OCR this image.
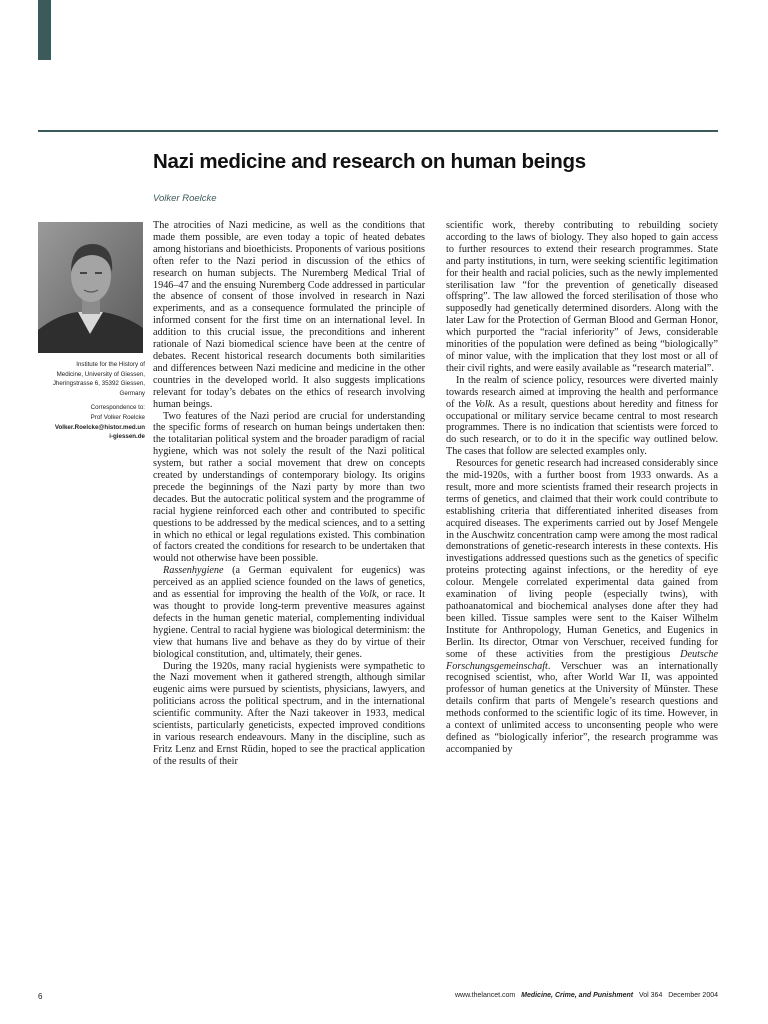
Nazi medicine and research on human beings
Volker Roelcke

Institute for the History of

Medicine, University of Giessen,

Jheringstrasse 6, 35392 Giessen,

Germany

Correspondence to:

Prof Volker Roelcke

Volker.Roelcke@histor.med.un

i-giessen.de

The atrocities of Nazi medicine, as well as the conditions that made them possible, are even today a topic of heated debates among historians and bioethicists. Proponents of various positions often refer to the Nazi period in discussion of the ethics of research on human subjects. The Nuremberg Medical Trial of 1946–47 and the ensuing Nuremberg Code addressed in particular the absence of consent of those involved in research in Nazi experiments, and as a consequence formulated the principle of informed consent for the first time on an international level. In addition to this crucial issue, the preconditions and inherent rationale of Nazi biomedical science have been at the centre of debates. Recent historical research documents both similarities and differences between Nazi medicine and medicine in the other countries in the developed world. It also suggests implications relevant for today’s debates on the ethics of research involving human beings.

Two features of the Nazi period are crucial for understanding the specific forms of research on human beings undertaken then: the totalitarian political system and the broader paradigm of racial hygiene, which was not solely the result of the Nazi political system, but rather a social movement that drew on concepts created by understandings of contemporary biology. Its origins precede the beginnings of the Nazi party by more than two decades. But the autocratic political system and the programme of racial hygiene reinforced each other and contributed to specific questions to be addressed by the medical sciences, and to a setting in which no ethical or legal regulations existed. This combination of factors created the conditions for research to be undertaken that would not otherwise have been possible.

Rassenhygiene (a German equivalent for eugenics) was perceived as an applied science founded on the laws of genetics, and as essential for improving the health of the Volk, or race. It was thought to provide long-term preventive measures against defects in the human genetic material, complementing individual hygiene. Central to racial hygiene was biological determinism: the view that humans live and behave as they do by virtue of their biological constitution, and, ultimately, their genes.

During the 1920s, many racial hygienists were sympathetic to the Nazi movement when it gathered strength, although similar eugenic aims were pursued by scientists, physicians, lawyers, and politicians across the political spectrum, and in the international scientific community. After the Nazi takeover in 1933, medical scientists, particularly geneticists, expected improved conditions in various research endeavours. Many in the discipline, such as Fritz Lenz and Ernst Rüdin, hoped to see the practical application of the results of their

scientific work, thereby contributing to rebuilding society according to the laws of biology. They also hoped to gain access to further resources to extend their research programmes. State and party institutions, in turn, were seeking scientific legitimation for their health and racial policies, such as the newly implemented sterilisation law “for the prevention of genetically diseased offspring”. The law allowed the forced sterilisation of those who supposedly had genetically determined disorders. Along with the later Law for the Protection of German Blood and German Honor, which purported the “racial inferiority” of Jews, considerable minorities of the population were defined as being “biologically” of minor value, with the implication that they lost most or all of their civil rights, and were easily available as “research material”.

In the realm of science policy, resources were diverted mainly towards research aimed at improving the health and performance of the Volk. As a result, questions about heredity and fitness for occupational or military service became central to most research programmes. There is no indication that scientists were forced to do such research, or to do it in the specific way outlined below. The cases that follow are selected examples only.

Resources for genetic research had increased considerably since the mid-1920s, with a further boost from 1933 onwards. As a result, more and more scientists framed their research projects in terms of genetics, and claimed that their work could contribute to establishing criteria that differentiated inherited diseases from acquired diseases. The experiments carried out by Josef Mengele in the Auschwitz concentration camp were among the most radical demonstrations of genetic-research interests in these contexts. His investigations addressed questions such as the genetics of specific proteins protecting against infections, or the heredity of eye colour. Mengele correlated experimental data gained from examination of living people (especially twins), with pathoanatomical and biochemical analyses done after they had been killed. Tissue samples were sent to the Kaiser Wilhelm Institute for Anthropology, Human Genetics, and Eugenics in Berlin. Its director, Otmar von Verschuer, received funding for some of these activities from the prestigious Deutsche Forschungsgemeinschaft. Verschuer was an internationally recognised scientist, who, after World War II, was appointed professor of human genetics at the University of Münster. These details confirm that parts of Mengele’s research questions and methods conformed to the scientific logic of its time. However, in a context of unlimited access to unconsenting people who were defined as “biologically inferior”, the research programme was accompanied by

6	www.thelancet.com Medicine, Crime, and Punishment Vol 364 December 2004
